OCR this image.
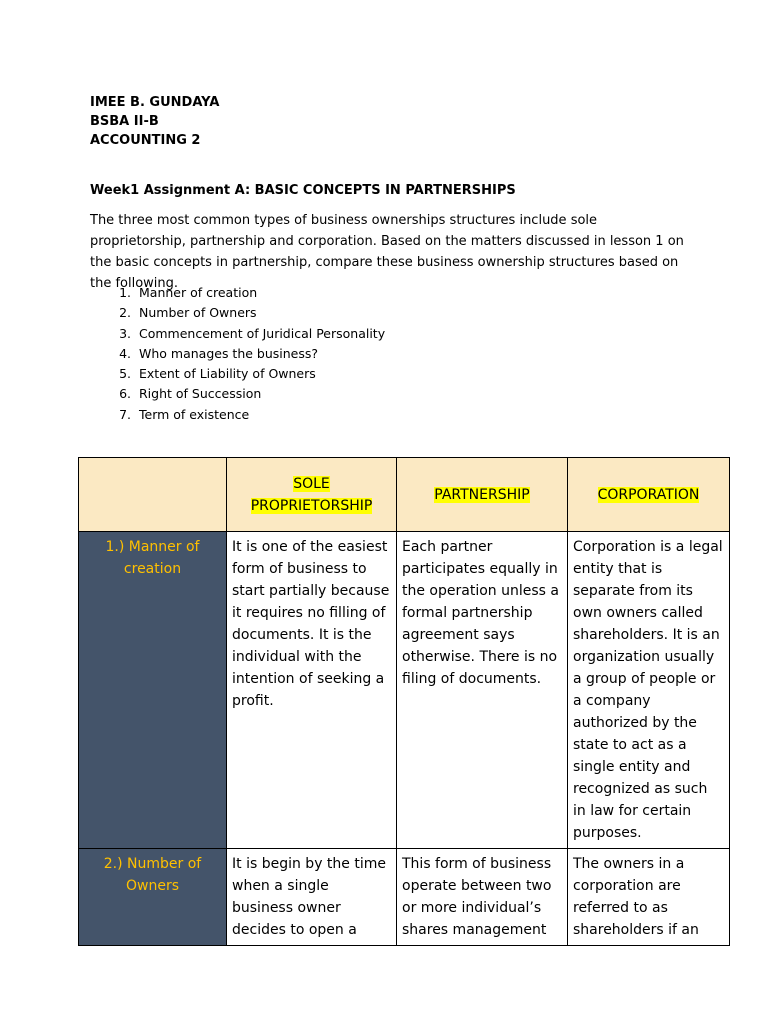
IMEE B. GUNDAYA
BSBA II-B
ACCOUNTING 2
Week1 Assignment A: BASIC CONCEPTS IN PARTNERSHIPS

The three most common types of business ownerships structures include sole proprietorship, partnership and corporation. Based on the matters discussed in lesson 1 on the basic concepts in partnership, compare these business ownership structures based on the following.

1. Manner of creation
2. Number of Owners
3. Commencement of Juridical Personality
4. Who manages the business?
5. Extent of Liability of Owners
6. Right of Succession
7. Term of existence
	SOLE PROPRIETORSHIP	PARTNERSHIP	CORPORATION
1.) Manner of creation	It is one of the easiest form of business to start partially because it requires no filling of documents. It is the individual with the intention of seeking a profit.	Each partner participates equally in the operation unless a formal partnership agreement says otherwise. There is no filing of documents.	Corporation is a legal entity that is separate from its own owners called shareholders. It is an organization usually a group of people or a company authorized by the state to act as a single entity and recognized as such in law for certain purposes.
2.) Number of Owners	It is begin by the time when a single business owner decides to open a	This form of business operate between two or more individual’s shares management	The owners in a corporation are referred to as shareholders if an
